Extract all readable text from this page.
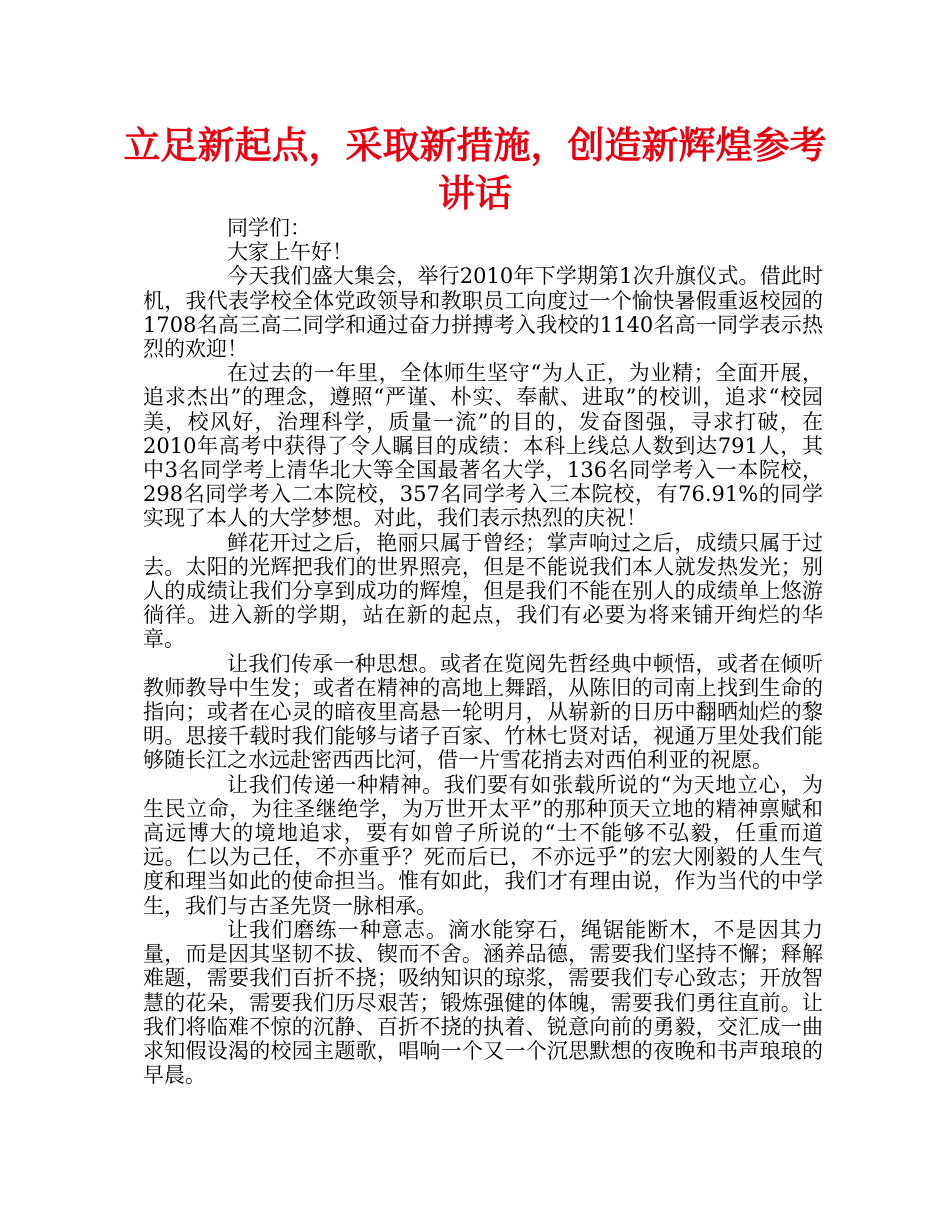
立足新起点，采取新措施，创造新辉煌参考讲话

同学们：

大家上午好！

今天我们盛大集会，举行2010年下学期第1次升旗仪式。借此时机，我代表学校全体党政领导和教职员工向度过一个愉快暑假重返校园的1708名高三高二同学和通过奋力拼搏考入我校的1140名高一同学表示热烈的欢迎！

在过去的一年里，全体师生坚守“为人正，为业精；全面开展，追求杰出”的理念，遵照“严谨、朴实、奉献、进取”的校训，追求“校园美，校风好，治理科学，质量一流”的目的，发奋图强，寻求打破，在2010年高考中获得了令人瞩目的成绩：本科上线总人数到达791人，其中3名同学考上清华北大等全国最著名大学，136名同学考入一本院校，298名同学考入二本院校，357名同学考入三本院校，有76.91%的同学实现了本人的大学梦想。对此，我们表示热烈的庆祝！

鲜花开过之后，艳丽只属于曾经；掌声响过之后，成绩只属于过去。太阳的光辉把我们的世界照亮，但是不能说我们本人就发热发光；别人的成绩让我们分享到成功的辉煌，但是我们不能在别人的成绩单上悠游徜徉。进入新的学期，站在新的起点，我们有必要为将来铺开绚烂的华章。

让我们传承一种思想。或者在览阅先哲经典中顿悟，或者在倾听教师教导中生发；或者在精神的高地上舞蹈，从陈旧的司南上找到生命的指向；或者在心灵的暗夜里高悬一轮明月，从崭新的日历中翻晒灿烂的黎明。思接千载时我们能够与诸子百家、竹林七贤对话，视通万里处我们能够随长江之水远赴密西西比河，借一片雪花捎去对西伯利亚的祝愿。

让我们传递一种精神。我们要有如张载所说的“为天地立心，为生民立命，为往圣继绝学，为万世开太平”的那种顶天立地的精神禀赋和高远博大的境地追求，要有如曾子所说的“士不能够不弘毅，任重而道远。仁以为己任，不亦重乎？死而后已，不亦远乎”的宏大刚毅的人生气度和理当如此的使命担当。惟有如此，我们才有理由说，作为当代的中学生，我们与古圣先贤一脉相承。

让我们磨练一种意志。滴水能穿石，绳锯能断木，不是因其力量，而是因其坚韧不拔、锲而不舍。涵养品德，需要我们坚持不懈；释解难题，需要我们百折不挠；吸纳知识的琼浆，需要我们专心致志；开放智慧的花朵，需要我们历尽艰苦；锻炼强健的体魄，需要我们勇往直前。让我们将临难不惊的沉静、百折不挠的执着、锐意向前的勇毅，交汇成一曲求知假设渴的校园主题歌，唱响一个又一个沉思默想的夜晚和书声琅琅的早晨。
